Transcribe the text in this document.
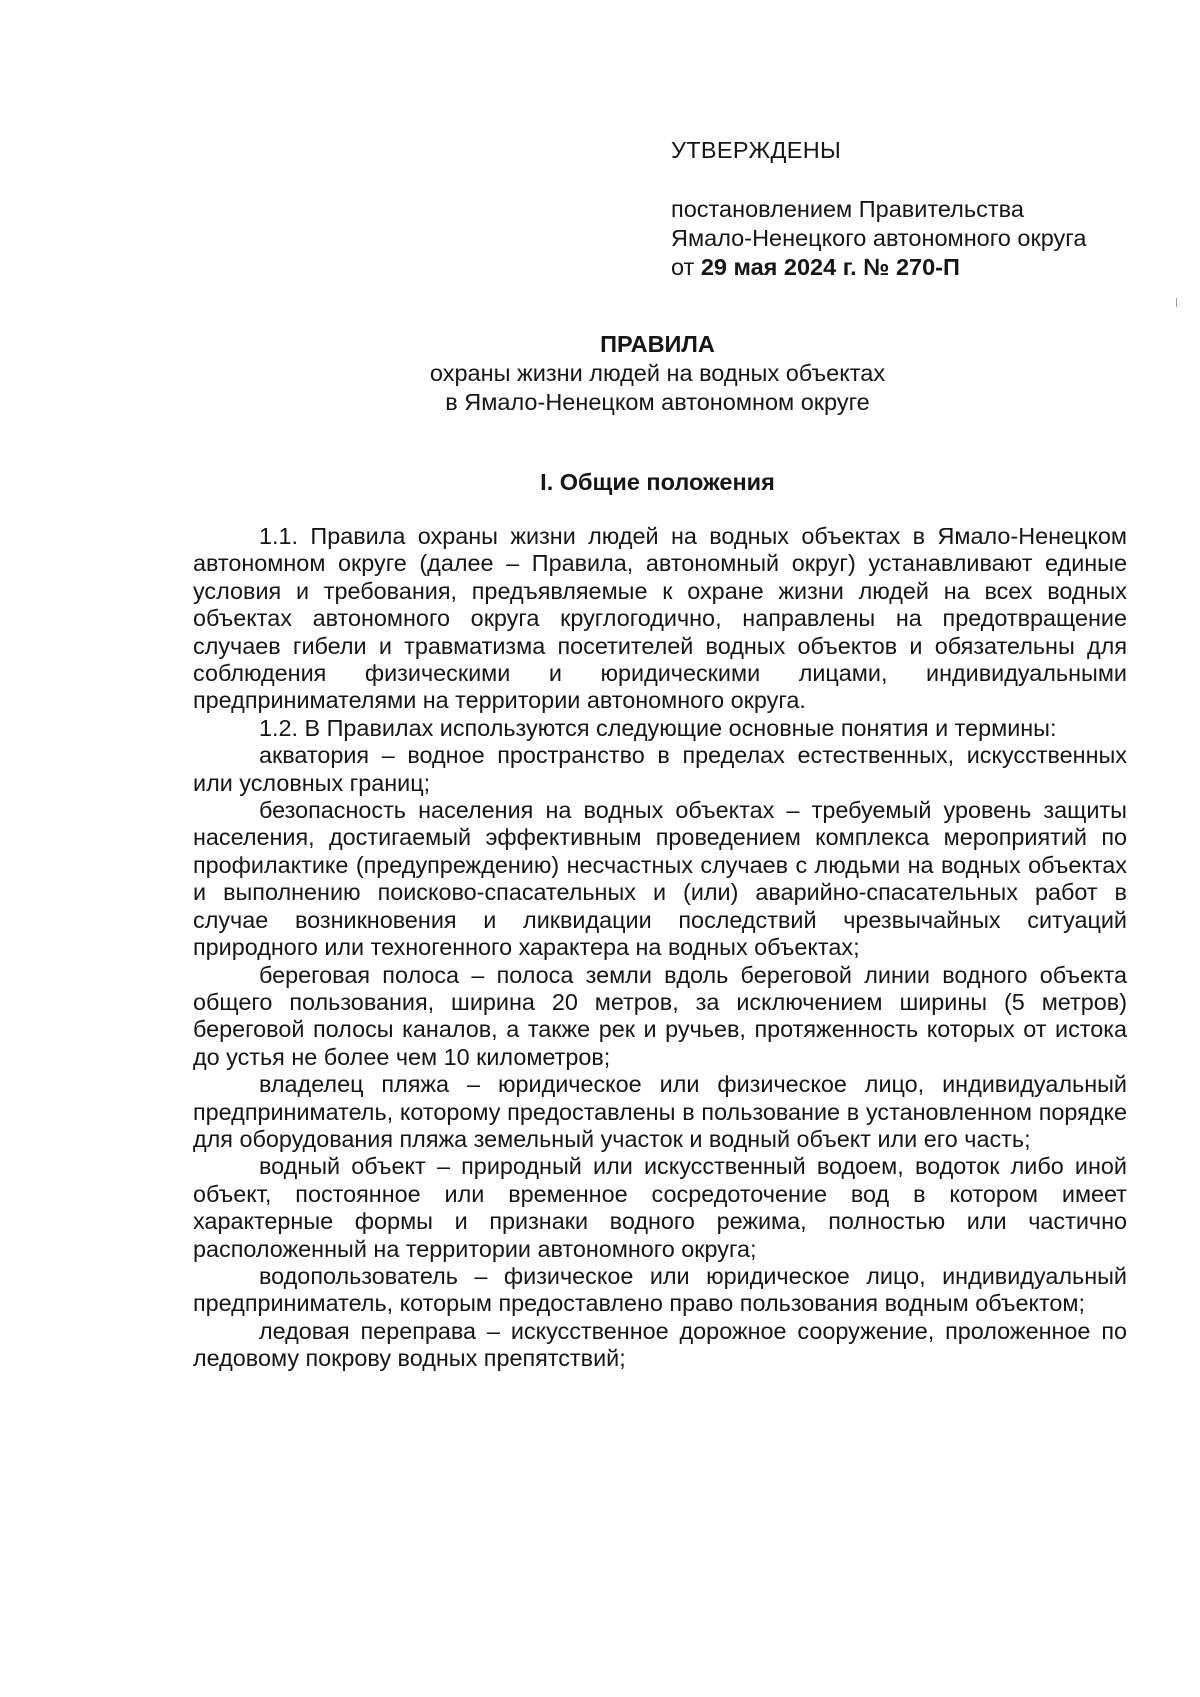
УТВЕРЖДЕНЫ
постановлением Правительства
Ямало-Ненецкого автономного округа
от 29 мая 2024 г. № 270-П
ПРАВИЛА
охраны жизни людей на водных объектах
в Ямало-Ненецком автономном округе
I. Общие положения

1.1. Правила охраны жизни людей на водных объектах в Ямало-Ненецком автономном округе (далее – Правила, автономный округ) устанавливают единые условия и требования, предъявляемые к охране жизни людей на всех водных объектах автономного округа круглогодично, направлены на предотвращение случаев гибели и травматизма посетителей водных объектов и обязательны для соблюдения физическими и юридическими лицами, индивидуальными предпринимателями на территории автономного округа.

1.2. В Правилах используются следующие основные понятия и термины:

акватория – водное пространство в пределах естественных, искусственных или условных границ;

безопасность населения на водных объектах – требуемый уровень защиты населения, достигаемый эффективным проведением комплекса мероприятий по профилактике (предупреждению) несчастных случаев с людьми на водных объектах и выполнению поисково-спасательных и (или) аварийно-спасательных работ в случае возникновения и ликвидации последствий чрезвычайных ситуаций природного или техногенного характера на водных объектах;

береговая полоса – полоса земли вдоль береговой линии водного объекта общего пользования, ширина 20 метров, за исключением ширины (5 метров) береговой полосы каналов, а также рек и ручьев, протяженность которых от истока до устья не более чем 10 километров;

владелец пляжа – юридическое или физическое лицо, индивидуальный предприниматель, которому предоставлены в пользование в установленном порядке для оборудования пляжа земельный участок и водный объект или его часть;

водный объект – природный или искусственный водоем, водоток либо иной объект, постоянное или временное сосредоточение вод в котором имеет характерные формы и признаки водного режима, полностью или частично расположенный на территории автономного округа;

водопользователь – физическое или юридическое лицо, индивидуальный предприниматель, которым предоставлено право пользования водным объектом;

ледовая переправа – искусственное дорожное сооружение, проложенное по ледовому покрову водных препятствий;
